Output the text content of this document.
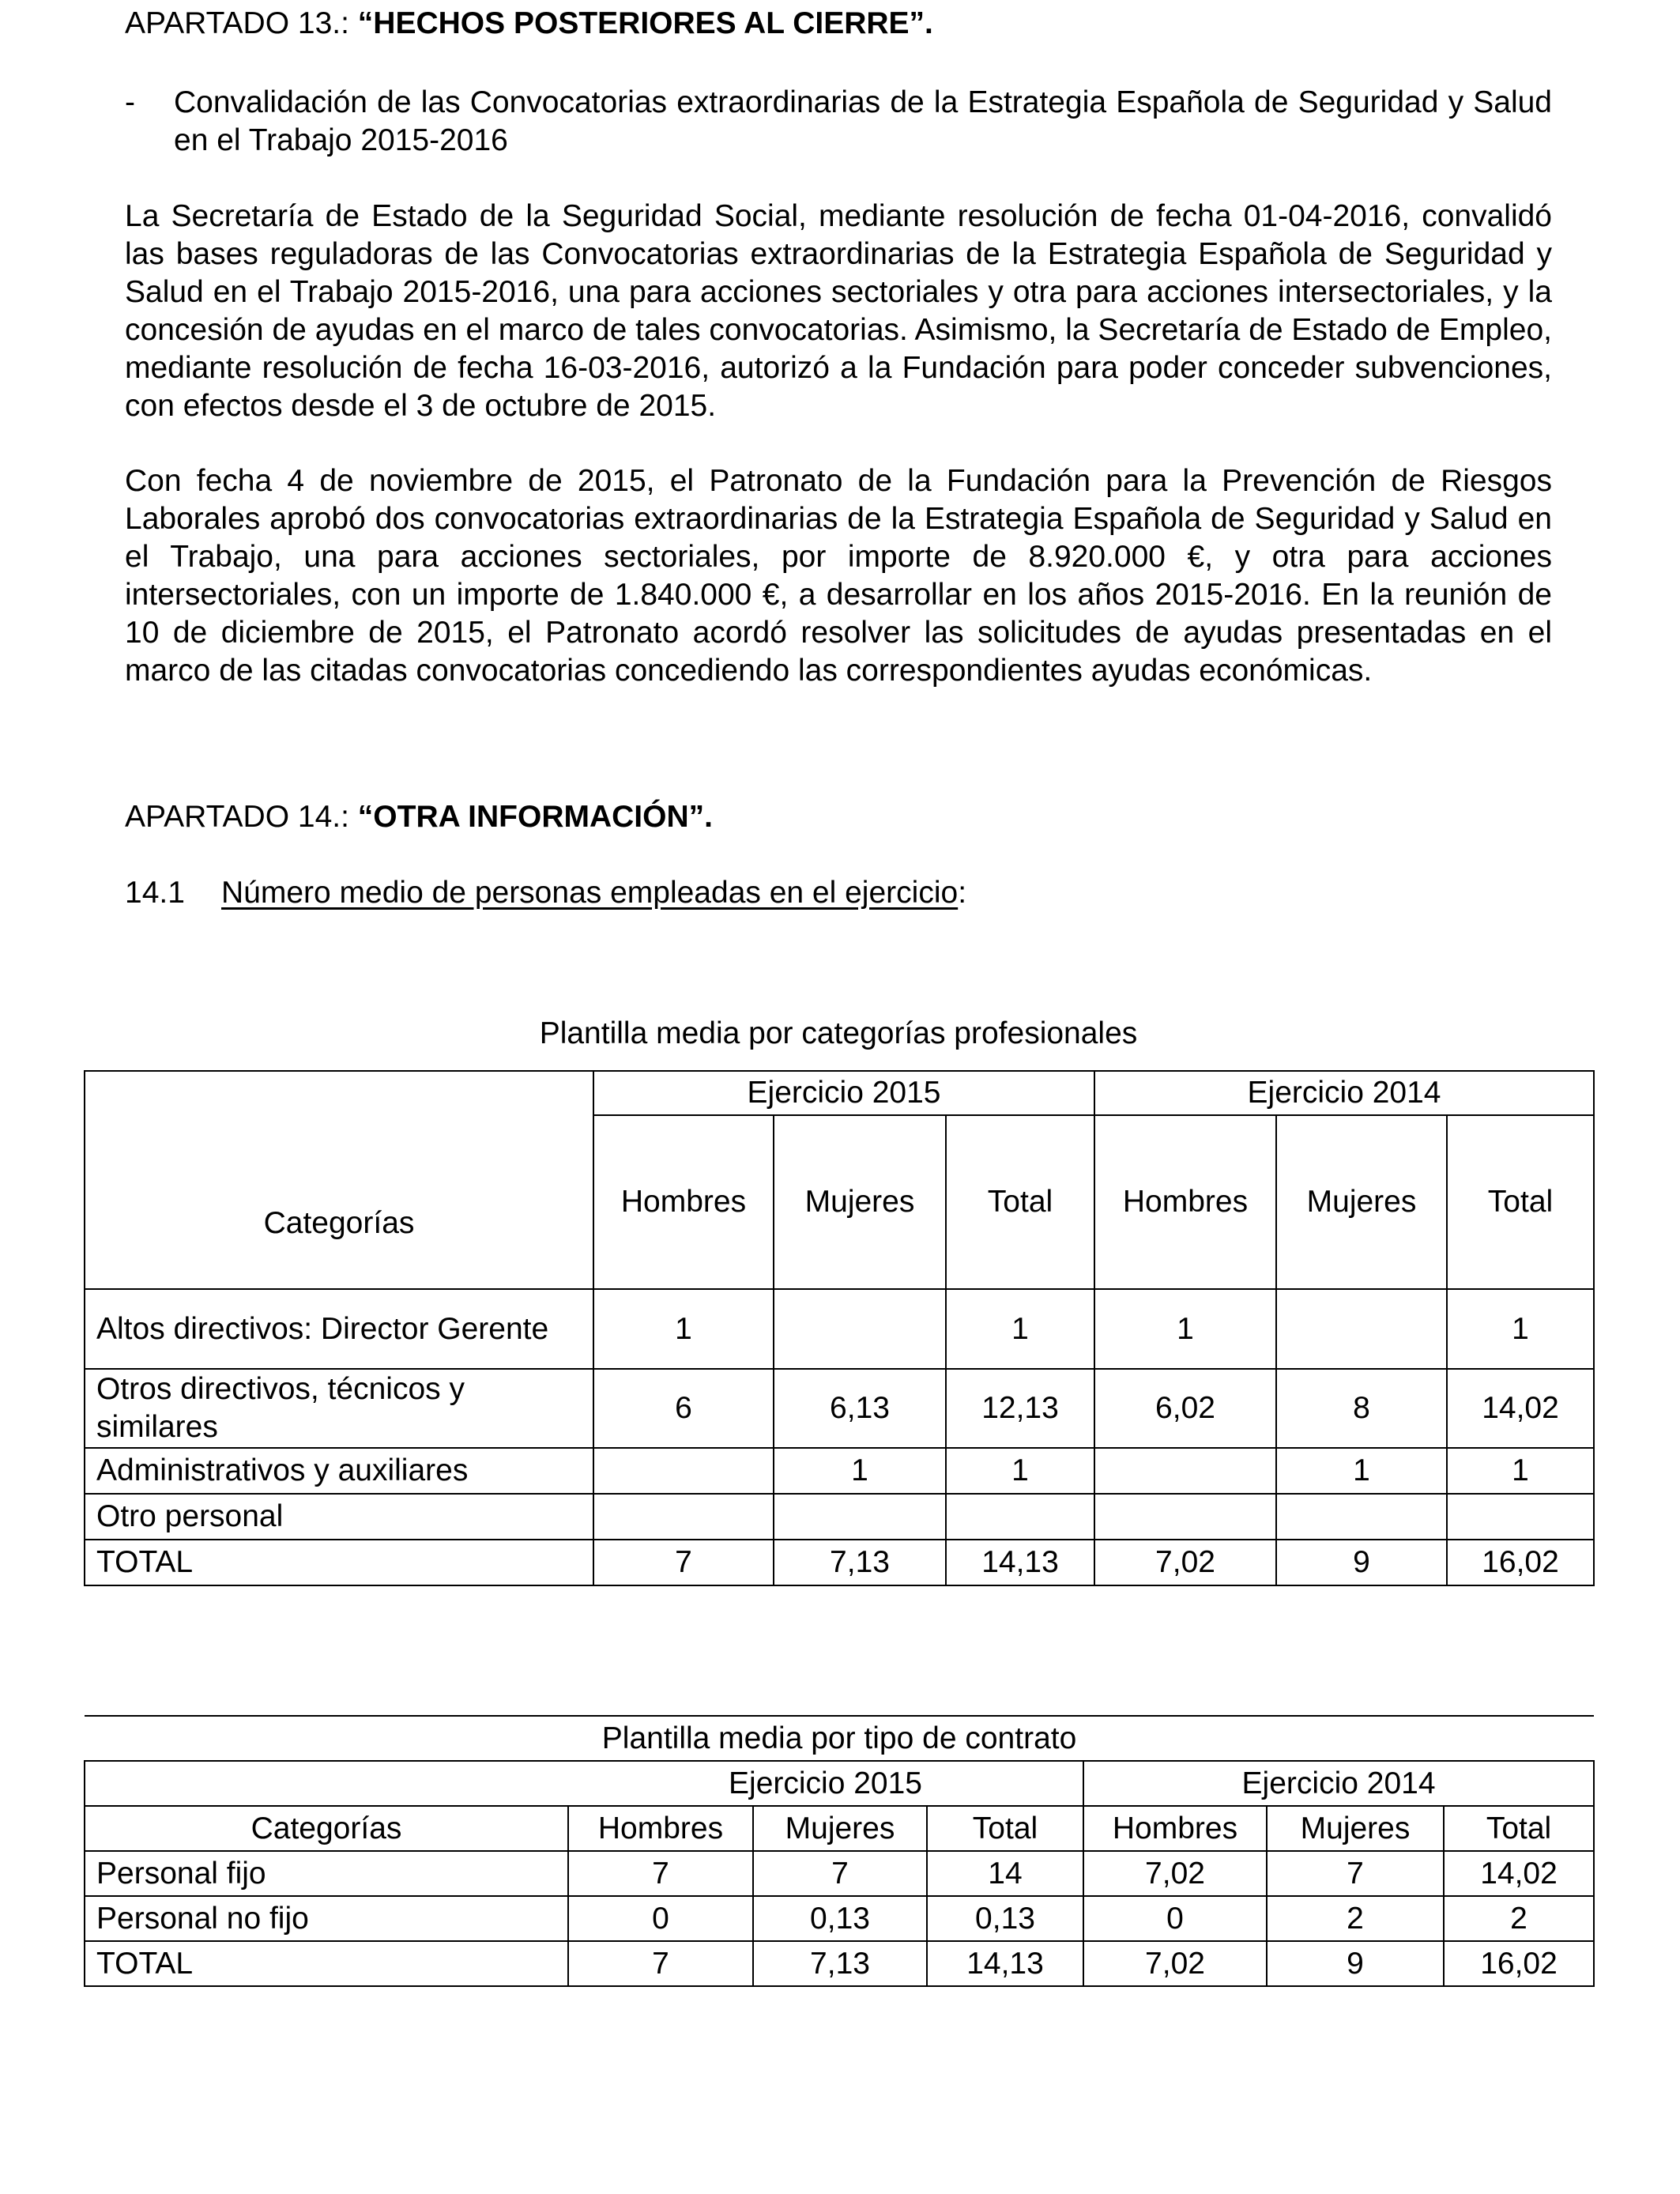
APARTADO 13.: “HECHOS POSTERIORES AL CIERRE”.

- Convalidación de las Convocatorias extraordinarias de la Estrategia Española de Seguridad y Salud en el Trabajo 2015-2016

La Secretaría de Estado de la Seguridad Social, mediante resolución de fecha 01-04-2016, convalidó las bases reguladoras de las Convocatorias extraordinarias de la Estrategia Española de Seguridad y Salud en el Trabajo 2015-2016, una para acciones sectoriales y otra para acciones intersectoriales, y la concesión de ayudas en el marco de tales convocatorias. Asimismo, la Secretaría de Estado de Empleo, mediante resolución de fecha 16-03-2016, autorizó a la Fundación para poder conceder subvenciones, con efectos desde el 3 de octubre de 2015.

Con fecha 4 de noviembre de 2015, el Patronato de la Fundación para la Prevención de Riesgos Laborales aprobó dos convocatorias extraordinarias de la Estrategia Española de Seguridad y Salud en el Trabajo, una para acciones sectoriales, por importe de 8.920.000 €, y otra para acciones intersectoriales, con un importe de 1.840.000 €, a desarrollar en los años 2015-2016. En la reunión de 10 de diciembre de 2015, el Patronato acordó resolver las solicitudes de ayudas presentadas en el marco de las citadas convocatorias concediendo las correspondientes ayudas económicas.

APARTADO 14.: “OTRA INFORMACIÓN”.

14.1 Número medio de personas empleadas en el ejercicio:
Plantilla media por categorías profesionales
Categorías	Ejercicio 2015			Ejercicio 2014		
	Hombres	Mujeres	Total	Hombres	Mujeres	Total
Altos directivos: Director Gerente	1		1	1		1
Otros directivos, técnicos y similares	6	6,13	12,13	6,02	8	14,02
Administrativos y auxiliares		1	1		1	1
Otro personal						
TOTAL	7	7,13	14,13	7,02	9	16,02
Plantilla media por tipo de contrato						
	Ejercicio 2015			Ejercicio 2014		
Categorías	Hombres	Mujeres	Total	Hombres	Mujeres	Total
Personal fijo	7	7	14	7,02	7	14,02
Personal no fijo	0	0,13	0,13	0	2	2
TOTAL	7	7,13	14,13	7,02	9	16,02
